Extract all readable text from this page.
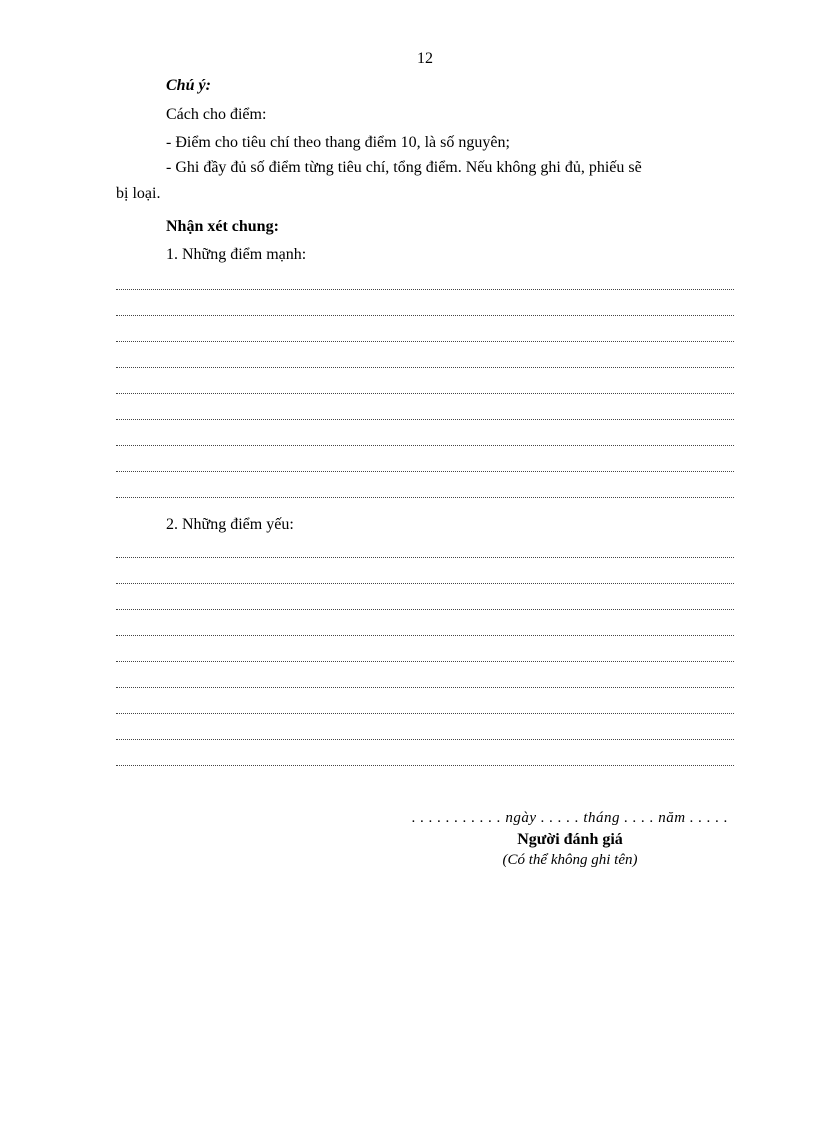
12
Chú ý:
Cách cho điểm:
- Điểm cho tiêu chí theo thang điểm 10, là số nguyên;
- Ghi đầy đủ số điểm từng tiêu chí, tổng điểm. Nếu không ghi đủ, phiếu sẽ
bị loại.
Nhận xét chung:
1. Những điểm mạnh:
2. Những điểm yếu:
. . . . . . . . . . . ngày . . . . . tháng . . . . năm . . . . .
Người đánh giá
(Có thể không ghi tên)
